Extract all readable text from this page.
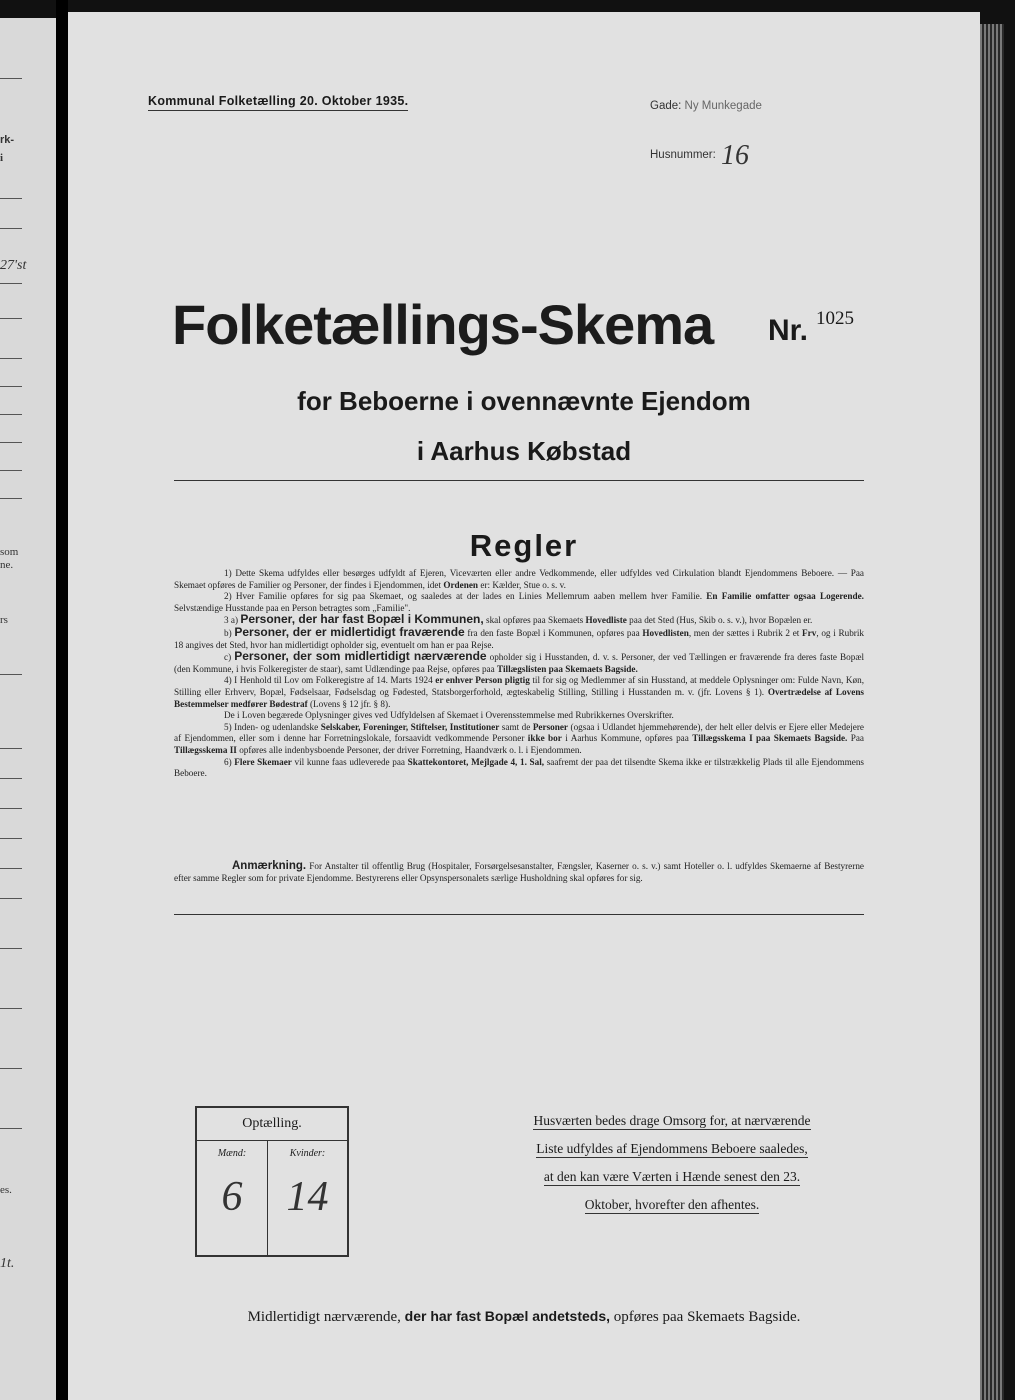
rk-
i
27'st
som
ne.
rs
es.
1t.
Kommunal Folketælling 20. Oktober 1935.	Gade: Ny Munkegade
Husnummer: 16
Folketællings-Skema Nr. 1025
for Beboerne i ovennævnte Ejendom
i Aarhus Købstad
Regler

1) Dette Skema udfyldes eller besørges udfyldt af Ejeren, Viceværten eller andre Vedkommende, eller udfyldes ved Cirkulation blandt Ejendommens Beboere. — Paa Skemaet opføres de Familier og Personer, der findes i Ejendommen, idet Ordenen er: Kælder, Stue o. s. v.

2) Hver Familie opføres for sig paa Skemaet, og saaledes at der lades en Linies Mellemrum aaben mellem hver Familie. En Familie omfatter ogsaa Logerende. Selvstændige Husstande paa en Person betragtes som „Familie".

3 a) Personer, der har fast Bopæl i Kommunen, skal opføres paa Skemaets Hovedliste paa det Sted (Hus, Skib o. s. v.), hvor Bopælen er.

b) Personer, der er midlertidigt fraværende fra den faste Bopæl i Kommunen, opføres paa Hovedlisten, men der sættes i Rubrik 2 et Frv, og i Rubrik 18 angives det Sted, hvor han midlertidigt opholder sig, eventuelt om han er paa Rejse.

c) Personer, der som midlertidigt nærværende opholder sig i Husstanden, d. v. s. Personer, der ved Tællingen er fraværende fra deres faste Bopæl (den Kommune, i hvis Folkeregister de staar), samt Udlændinge paa Rejse, opføres paa Tillægslisten paa Skemaets Bagside.

4) I Henhold til Lov om Folkeregistre af 14. Marts 1924 er enhver Person pligtig til for sig og Medlemmer af sin Husstand, at meddele Oplysninger om: Fulde Navn, Køn, Stilling eller Erhverv, Bopæl, Fødselsaar, Fødselsdag og Fødested, Statsborgerforhold, ægteskabelig Stilling, Stilling i Husstanden m. v. (jfr. Lovens § 1). Overtrædelse af Lovens Bestemmelser medfører Bødestraf (Lovens § 12 jfr. § 8).

De i Loven begærede Oplysninger gives ved Udfyldelsen af Skemaet i Overensstemmelse med Rubrikkernes Overskrifter.

5) Inden- og udenlandske Selskaber, Foreninger, Stiftelser, Institutioner samt de Personer (ogsaa i Udlandet hjemmehørende), der helt eller delvis er Ejere eller Medejere af Ejendommen, eller som i denne har Forretningslokale, forsaavidt vedkommende Personer ikke bor i Aarhus Kommune, opføres paa Tillægsskema I paa Skemaets Bagside. Paa Tillægsskema II opføres alle indenbysboende Personer, der driver Forretning, Haandværk o. l. i Ejendommen.

6) Flere Skemaer vil kunne faas udleverede paa Skattekontoret, Mejlgade 4, 1. Sal, saafremt der paa det tilsendte Skema ikke er tilstrækkelig Plads til alle Ejendommens Beboere.

Anmærkning. For Anstalter til offentlig Brug (Hospitaler, Forsørgelsesanstalter, Fængsler, Kaserner o. s. v.) samt Hoteller o. l. udfyldes Skemaerne af Bestyrerne efter samme Regler som for private Ejendomme. Bestyrerens eller Opsynspersonalets særlige Husholdning skal opføres for sig.

Optælling.
Mænd:
6
Kvinder:
14
Husværten bedes drage Omsorg for, at nærværende
Liste udfyldes af Ejendommens Beboere saaledes,
at den kan være Værten i Hænde senest den 23.
Oktober, hvorefter den afhentes.
Midlertidigt nærværende, der har fast Bopæl andetsteds, opføres paa Skemaets Bagside.
